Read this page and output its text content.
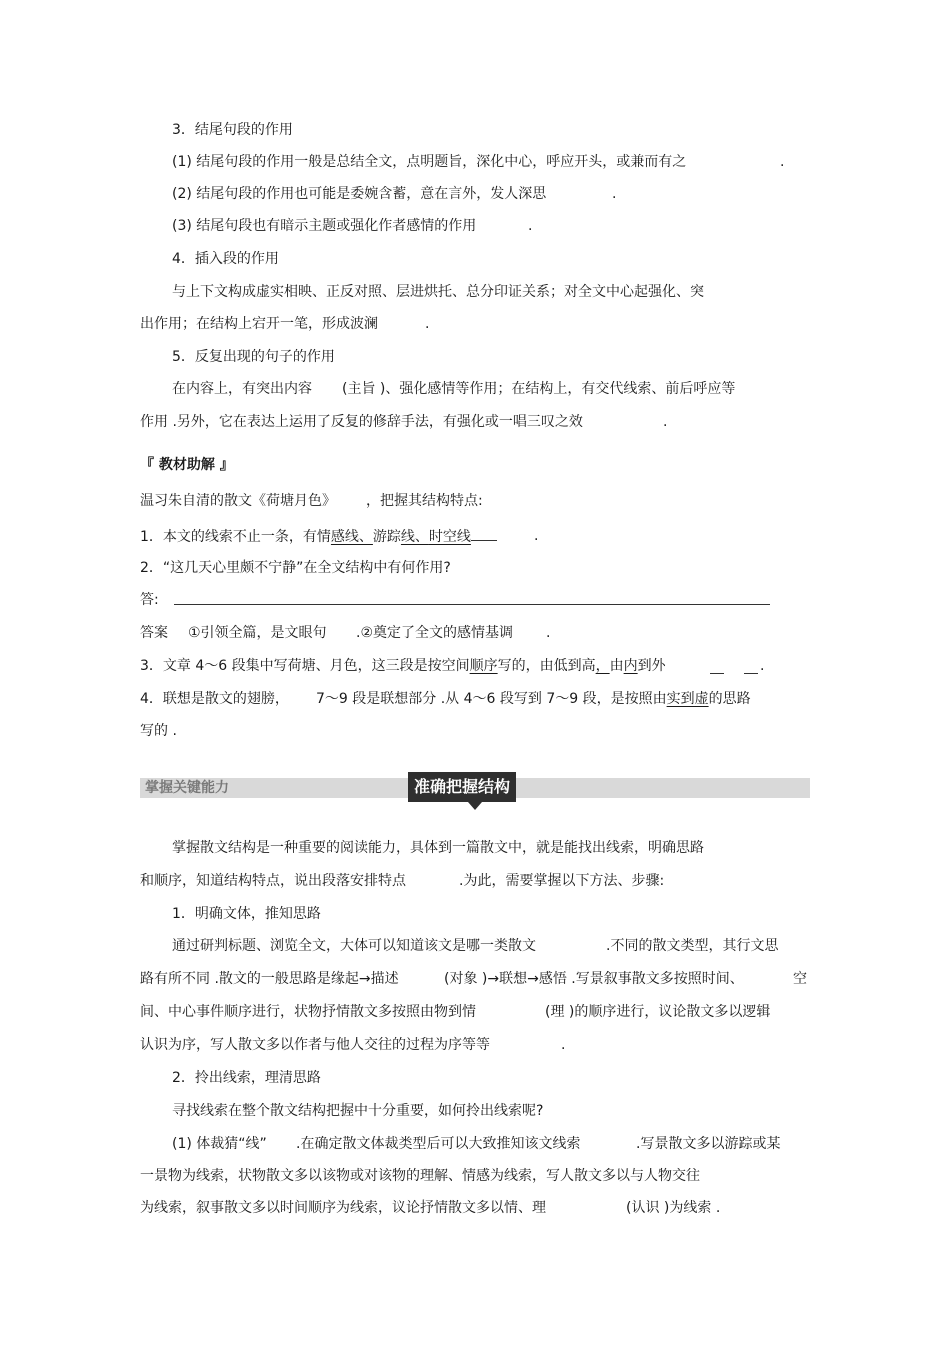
3．结尾句段的作用
(1) 结尾句段的作用一般是总结全文，点明题旨，深化中心，呼应开头，或兼而有之	.
(2) 结尾句段的作用也可能是委婉含蓄，意在言外，发人深思	.
(3) 结尾句段也有暗示主题或强化作者感情的作用	.
4．插入段的作用
与上下文构成虚实相映、正反对照、层进烘托、总分印证关系；对全文中心起强化、突
出作用；在结构上宕开一笔，形成波澜	.
5．反复出现的句子的作用
在内容上，有突出内容 (主旨 )、强化感情等作用；在结构上，有交代线索、前后呼应等
作用 .另外，它在表达上运用了反复的修辞手法，有强化或一唱三叹之效	.
『 教材助解 』
温习朱自清的散文《荷塘月色》 ，把握其结构特点:
1．本文的线索不止一条，有情感线、游踪线、时空线	.
2．“这几天心里颇不宁静”在全文结构中有何作用?
答:
答案 ①引领全篇，是文眼句 .②奠定了全文的感情基调 .
3．文章 4～6 段集中写荷塘、月色，这三段是按空间顺序写的，由低到高，由内到外	.
4．联想是散文的翅膀， 7～9 段是联想部分 .从 4～6 段写到 7～9 段，是按照由实到虚的思路
写的 .
掌握关键能力	准确把握结构
掌握散文结构是一种重要的阅读能力，具体到一篇散文中，就是能找出线索，明确思路
和顺序，知道结构特点，说出段落安排特点	.为此，需要掌握以下方法、步骤:
1．明确文体，推知思路
通过研判标题、浏览全文，大体可以知道该文是哪一类散文	.不同的散文类型，其行文思
路有所不同 .散文的一般思路是缘起→描述	(对象 )→联想→感悟 .写景叙事散文多按照时间、	空
间、中心事件顺序进行，状物抒情散文多按照由物到情	(理 )的顺序进行，议论散文多以逻辑
认识为序，写人散文多以作者与他人交往的过程为序等等	.
2．拎出线索，理清思路
寻找线索在整个散文结构把握中十分重要，如何拎出线索呢?
(1) 体裁猜“线” .在确定散文体裁类型后可以大致推知该文线索	.写景散文多以游踪或某
一景物为线索，状物散文多以该物或对该物的理解、情感为线索，写人散文多以与人物交往
为线索，叙事散文多以时间顺序为线索，议论抒情散文多以情、理	(认识 )为线索 .
